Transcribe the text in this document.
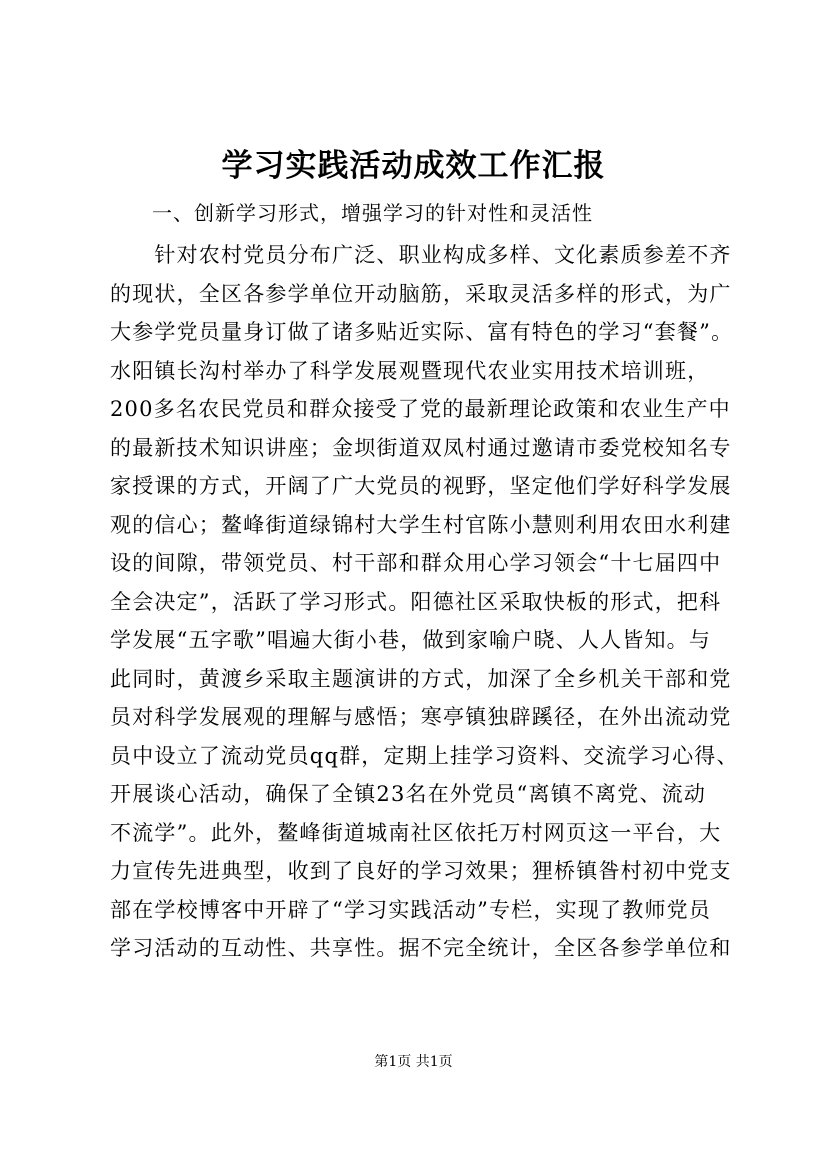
学习实践活动成效工作汇报

一、创新学习形式，增强学习的针对性和灵活性

　　针对农村党员分布广泛、职业构成多样、文化素质参差不齐
的现状，全区各参学单位开动脑筋，采取灵活多样的形式，为广
大参学党员量身订做了诸多贴近实际、富有特色的学习“套餐”。
水阳镇长沟村举办了科学发展观暨现代农业实用技术培训班，
200多名农民党员和群众接受了党的最新理论政策和农业生产中
的最新技术知识讲座；金坝街道双凤村通过邀请市委党校知名专
家授课的方式，开阔了广大党员的视野，坚定他们学好科学发展
观的信心；鳌峰街道绿锦村大学生村官陈小慧则利用农田水利建
设的间隙，带领党员、村干部和群众用心学习领会“十七届四中
全会决定”，活跃了学习形式。阳德社区采取快板的形式，把科
学发展“五字歌”唱遍大街小巷，做到家喻户晓、人人皆知。与
此同时，黄渡乡采取主题演讲的方式，加深了全乡机关干部和党
员对科学发展观的理解与感悟；寒亭镇独辟蹊径，在外出流动党
员中设立了流动党员qq群，定期上挂学习资料、交流学习心得、
开展谈心活动，确保了全镇23名在外党员“离镇不离党、流动
不流学”。此外，鳌峰街道城南社区依托万村网页这一平台，大
力宣传先进典型，收到了良好的学习效果；狸桥镇昝村初中党支
部在学校博客中开辟了“学习实践活动”专栏，实现了教师党员
学习活动的互动性、共享性。据不完全统计，全区各参学单位和
第1页 共1页
